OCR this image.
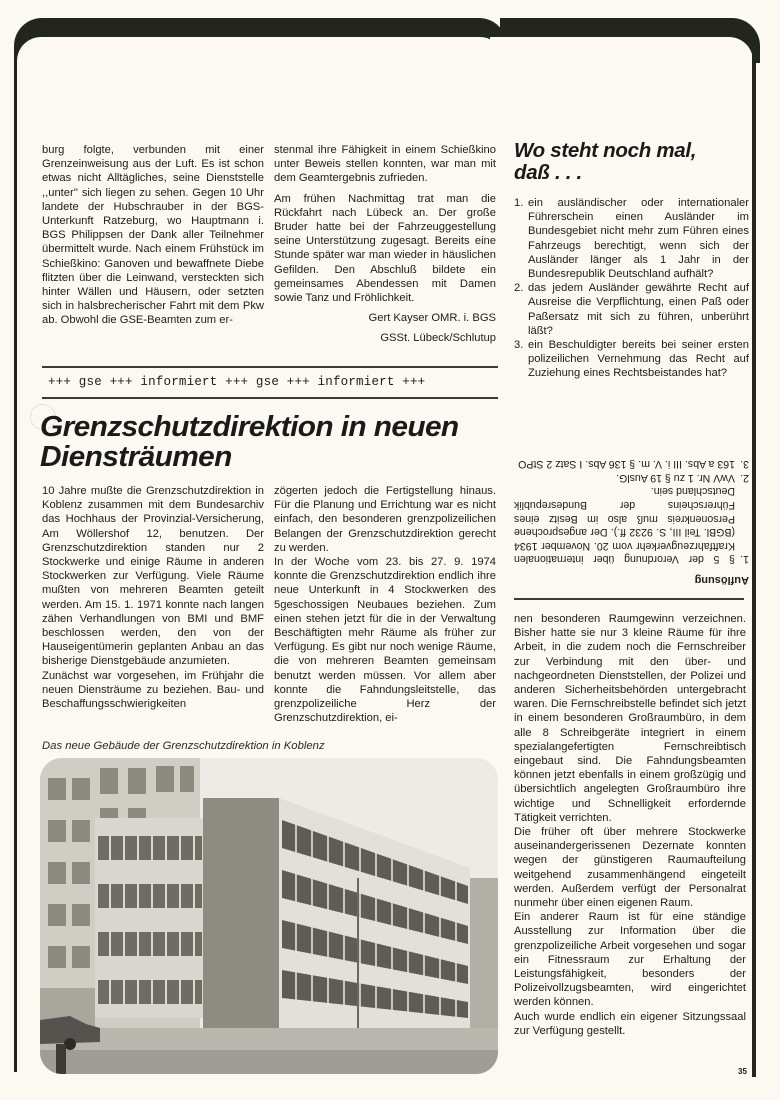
burg folgte, verbunden mit einer Grenzeinweisung aus der Luft. Es ist schon etwas nicht Alltägliches, seine Dienststelle ,,unter'' sich liegen zu sehen. Gegen 10 Uhr landete der Hubschrauber in der BGS-Unterkunft Ratzeburg, wo Hauptmann i. BGS Philippsen der Dank aller Teilnehmer übermittelt wurde. Nach einem Frühstück im Schießkino: Ganoven und bewaffnete Diebe flitzten über die Leinwand, versteckten sich hinter Wällen und Häusern, oder setzten sich in halsbrecherischer Fahrt mit dem Pkw ab. Obwohl die GSE-Beamten zum er-

stenmal ihre Fähigkeit in einem Schießkino unter Beweis stellen konnten, war man mit dem Geamtergebnis zufrieden.

Am frühen Nachmittag trat man die Rückfahrt nach Lübeck an. Der große Bruder hatte bei der Fahrzeuggestellung seine Unterstützung zugesagt. Bereits eine Stunde später war man wieder in häuslichen Gefilden. Den Abschluß bildete ein gemeinsames Abendessen mit Damen sowie Tanz und Fröhlichkeit.

Gert Kayser OMR. i. BGS

GSSt. Lübeck/Schlutup

Wo steht noch mal,
daß . . .
1. ein ausländischer oder internationaler Führerschein einen Ausländer im Bundesgebiet nicht mehr zum Führen eines Fahrzeugs berechtigt, wenn sich der Ausländer länger als 1 Jahr in der Bundesrepublik Deutschland aufhält?
2. das jedem Ausländer gewährte Recht auf Ausreise die Verpflichtung, einen Paß oder Paßersatz mit sich zu führen, unberührt läßt?
3. ein Beschuldigter bereits bei seiner ersten polizeilichen Vernehmung das Recht auf Zuziehung eines Rechtsbeistandes hat?
Auflösung
1.
§ 5 der Verordnung über internationalen Kraftfahrzeugverkehr vom 20. November 1934 (BGBl. Teil III, S. 9232 ff.). Der angesprochene Personenkreis muß also im Besitz eines Führerscheins der Bundesrepublik Deutschland sein.
2.
VwV Nr. 1 zu § 19 AuslG.
3.
163 a Abs. III i. V. m. § 136 Abs. I Satz 2 StPO
+++ gse +++ informiert +++ gse +++ informiert +++
Grenzschutzdirektion in neuen
Diensträumen

10 Jahre mußte die Grenzschutzdirektion in Koblenz zusammen mit dem Bundesarchiv das Hochhaus der Provinzial-Versicherung, Am Wöllershof 12, benutzen. Der Grenzschutzdirektion standen nur 2 Stockwerke und einige Räume in anderen Stockwerken zur Verfügung. Viele Räume mußten von mehreren Beamten geteilt werden. Am 15. 1. 1971 konnte nach langen zähen Verhandlungen von BMI und BMF beschlossen werden, den von der Hauseigentümerin geplanten Anbau an das bisherige Dienstgebäude anzumieten.

Zunächst war vorgesehen, im Frühjahr die neuen Diensträume zu beziehen. Bau- und Beschaffungsschwierigkeiten

zögerten jedoch die Fertigstellung hinaus. Für die Planung und Errichtung war es nicht einfach, den besonderen grenzpolizeilichen Belangen der Grenzschutzdirektion gerecht zu werden.

In der Woche vom 23. bis 27. 9. 1974 konnte die Grenzschutzdirektion endlich ihre neue Unterkunft in 4 Stockwerken des 5geschossigen Neubaues beziehen. Zum einen stehen jetzt für die in der Verwaltung Beschäftigten mehr Räume als früher zur Verfügung. Es gibt nur noch wenige Räume, die von mehreren Beamten gemeinsam benutzt werden müssen. Vor allem aber konnte die Fahndungsleitstelle, das grenzpolizeiliche Herz der Grenzschutzdirektion, ei-

nen besonderen Raumgewinn verzeichnen. Bisher hatte sie nur 3 kleine Räume für ihre Arbeit, in die zudem noch die Fernschreiber zur Verbindung mit den über- und nachgeordneten Dienststellen, der Polizei und anderen Sicherheitsbehörden untergebracht waren. Die Fernschreibstelle befindet sich jetzt in einem besonderen Großraumbüro, in dem alle 8 Schreibgeräte integriert in einem spezialangefertigten Fernschreibtisch eingebaut sind. Die Fahndungsbeamten können jetzt ebenfalls in einem großzügig und übersichtlich angelegten Großraumbüro ihre wichtige und Schnelligkeit erfordernde Tätigkeit verrichten.

Die früher oft über mehrere Stockwerke auseinandergerissenen Dezernate konnten wegen der günstigeren Raumaufteilung weitgehend zusammenhängend eingeteilt werden. Außerdem verfügt der Personalrat nunmehr über einen eigenen Raum.

Ein anderer Raum ist für eine ständige Ausstellung zur Information über die grenzpolizeiliche Arbeit vorgesehen und sogar ein Fitnessraum zur Erhaltung der Leistungsfähigkeit, besonders der Polizeivollzugsbeamten, wird eingerichtet werden können.

Auch wurde endlich ein eigener Sitzungssaal zur Verfügung gestellt.

Das neue Gebäude der Grenzschutzdirektion in Koblenz
35
